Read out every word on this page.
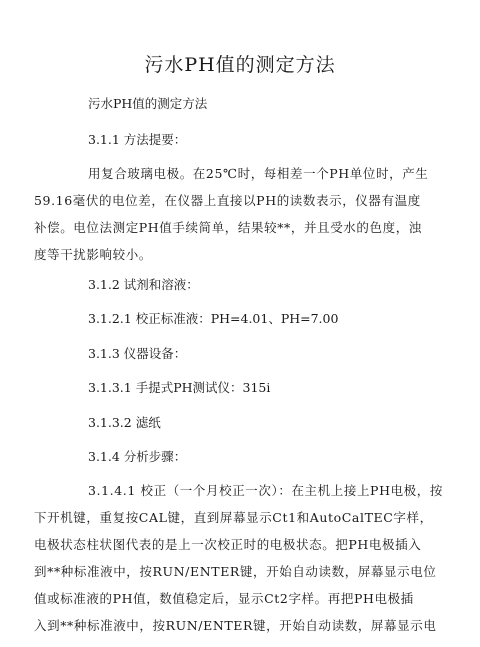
污水PH值的测定方法
污水PH值的测定方法
3.1.1 方法提要：
用复合玻璃电极。在25℃时，每相差一个PH单位时，产生
59.16毫伏的电位差，在仪器上直接以PH的读数表示，仪器有温度
补偿。电位法测定PH值手续简单，结果较**，并且受水的色度，浊
度等干扰影响较小。
3.1.2 试剂和溶液：
3.1.2.1 校正标准液：PH=4.01、PH=7.00
3.1.3 仪器设备：
3.1.3.1 手提式PH测试仪：315i
3.1.3.2 滤纸
3.1.4 分析步骤：
3.1.4.1 校正（一个月校正一次）：在主机上接上PH电极，按
下开机键，重复按CAL键，直到屏幕显示Ct1和AutoCalTEC字样，
电极状态柱状图代表的是上一次校正时的电极状态。把PH电极插入
到**种标准液中，按RUN/ENTER键，开始自动读数，屏幕显示电位
值或标准液的PH值，数值稳定后，显示Ct2字样。再把PH电极插
入到**种标准液中，按RUN/ENTER键，开始自动读数，屏幕显示电
